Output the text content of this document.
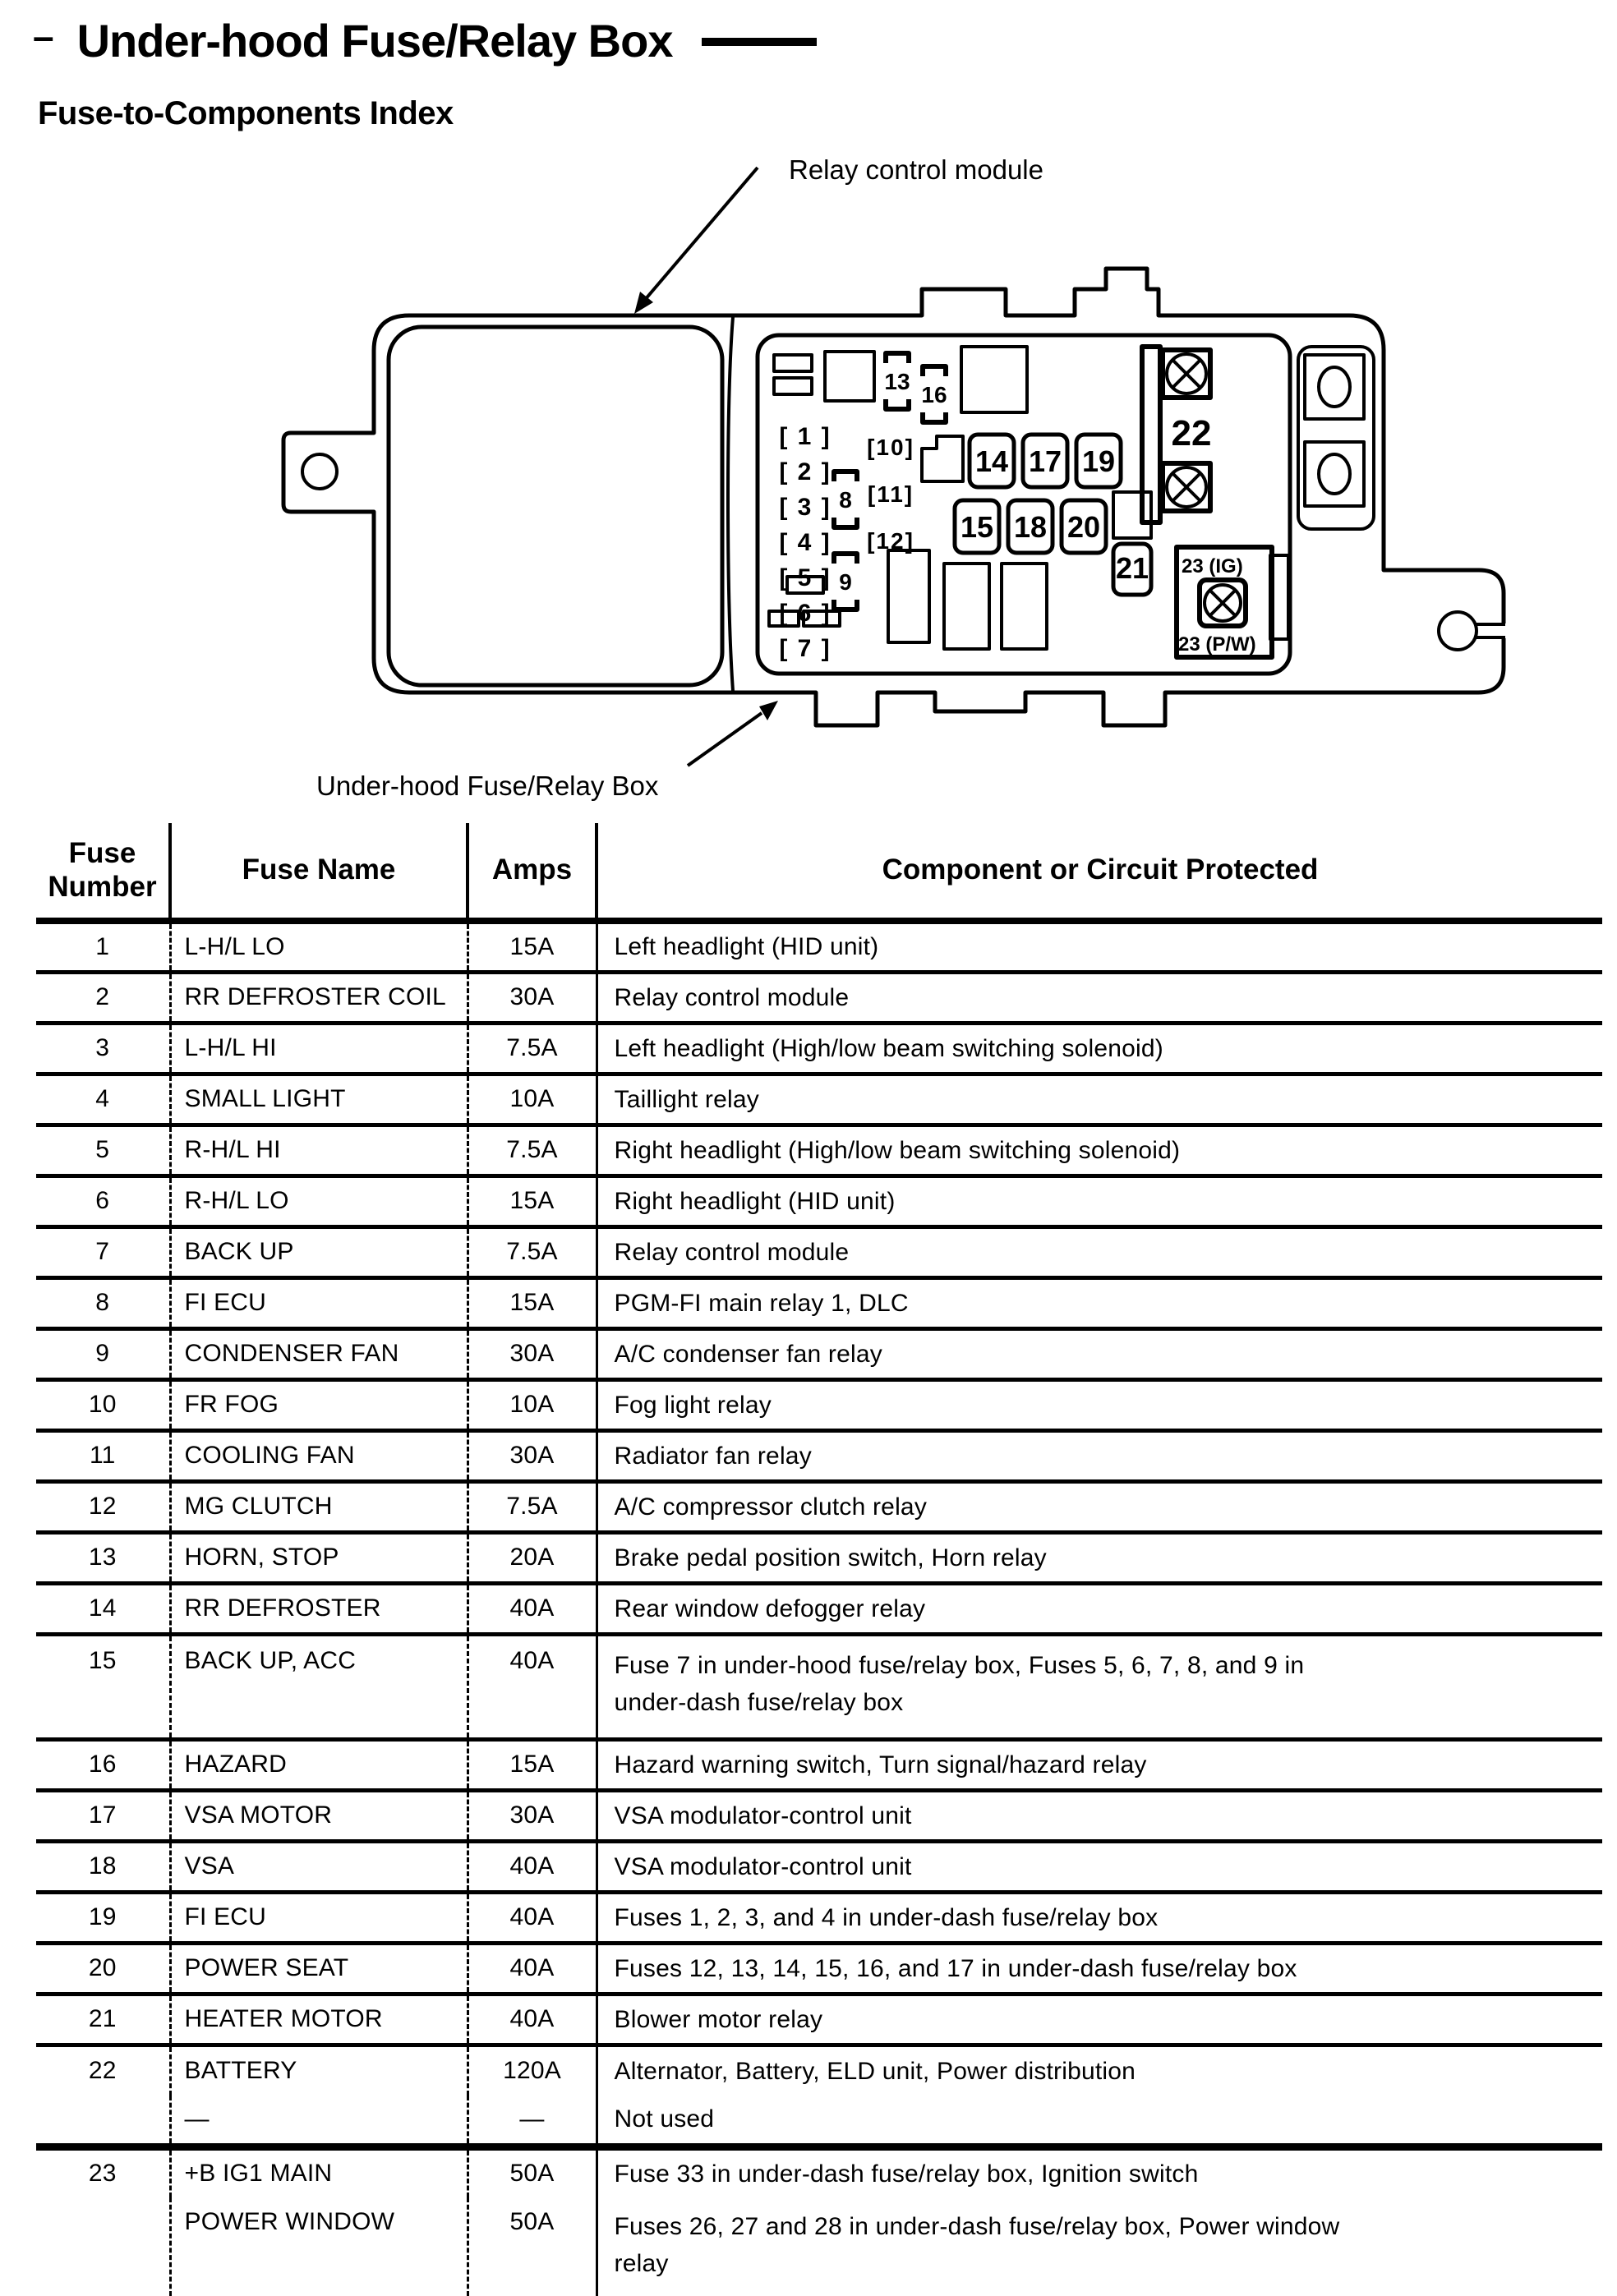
– Under-hood Fuse/Relay Box
Fuse-to-Components Index
13
16
[ 1 ]
[ 2 ]
[ 3 ]
[ 4 ]
[ 5 ]
[ 6 ]
[ 7 ]
8
9
[10]
[11]
[12]
14 17 19
15 18 20
21
22
23 (IG)
23 (P/W)
Relay control module
Under-hood Fuse/Relay Box
Fuse Number	Fuse Name	Amps	Component or Circuit Protected
1	L-H/L LO	15A	Left headlight (HID unit)
2	RR DEFROSTER COIL	30A	Relay control module
3	L-H/L HI	7.5A	Left headlight (High/low beam switching solenoid)
4	SMALL LIGHT	10A	Taillight relay
5	R-H/L HI	7.5A	Right headlight (High/low beam switching solenoid)
6	R-H/L LO	15A	Right headlight (HID unit)
7	BACK UP	7.5A	Relay control module
8	FI ECU	15A	PGM-FI main relay 1, DLC
9	CONDENSER FAN	30A	A/C condenser fan relay
10	FR FOG	10A	Fog light relay
11	COOLING FAN	30A	Radiator fan relay
12	MG CLUTCH	7.5A	A/C compressor clutch relay
13	HORN, STOP	20A	Brake pedal position switch, Horn relay
14	RR DEFROSTER	40A	Rear window defogger relay
15	BACK UP, ACC	40A	Fuse 7 in under-hood fuse/relay box, Fuses 5, 6, 7, 8, and 9 in under-dash fuse/relay box
16	HAZARD	15A	Hazard warning switch, Turn signal/hazard relay
17	VSA MOTOR	30A	VSA modulator-control unit
18	VSA	40A	VSA modulator-control unit
19	FI ECU	40A	Fuses 1, 2, 3, and 4 in under-dash fuse/relay box
20	POWER SEAT	40A	Fuses 12, 13, 14, 15, 16, and 17 in under-dash fuse/relay box
21	HEATER MOTOR	40A	Blower motor relay
22	BATTERY	120A	Alternator, Battery, ELD unit, Power distribution
	—	—	Not used
23	+B IG1 MAIN	50A	Fuse 33 in under-dash fuse/relay box, Ignition switch
	POWER WINDOW	50A	Fuses 26, 27 and 28 in under-dash fuse/relay box, Power window relay
